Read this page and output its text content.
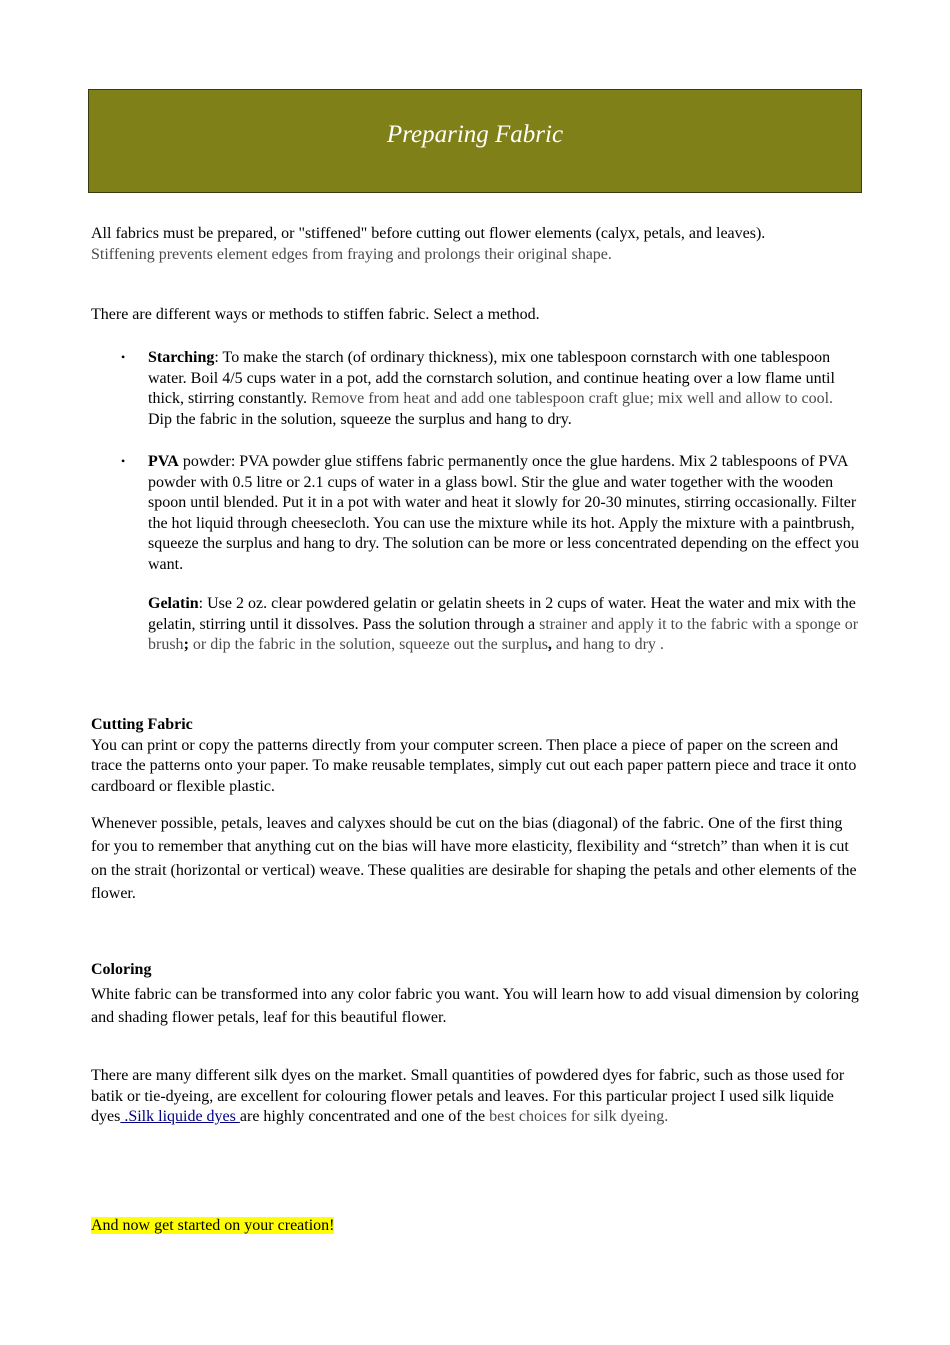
Preparing Fabric
All fabrics must be prepared, or "stiffened" before cutting out flower elements (calyx, petals, and leaves).
Stiffening prevents element edges from fraying and prolongs their original shape.
There are different ways or methods to stiffen fabric. Select a method.
• Starching: To make the starch (of ordinary thickness), mix one tablespoon cornstarch with one tablespoon water. Boil 4/5 cups water in a pot, add the cornstarch solution, and continue heating over a low flame until thick, stirring constantly. Remove from heat and add one tablespoon craft glue; mix well and allow to cool. Dip the fabric in the solution, squeeze the surplus and hang to dry.
• PVA powder: PVA powder glue stiffens fabric permanently once the glue hardens. Mix 2 tablespoons of PVA powder with 0.5 litre or 2.1 cups of water in a glass bowl. Stir the glue and water together with the wooden spoon until blended. Put it in a pot with water and heat it slowly for 20-30 minutes, stirring occasionally. Filter the hot liquid through cheesecloth. You can use the mixture while its hot. Apply the mixture with a paintbrush, squeeze the surplus and hang to dry. The solution can be more or less concentrated depending on the effect you want.
Gelatin: Use 2 oz. clear powdered gelatin or gelatin sheets in 2 cups of water. Heat the water and mix with the gelatin, stirring until it dissolves. Pass the solution through a strainer and apply it to the fabric with a sponge or brush; or dip the fabric in the solution, squeeze out the surplus, and hang to dry .
Cutting Fabric
You can print or copy the patterns directly from your computer screen. Then place a piece of paper on the screen and trace the patterns onto your paper. To make reusable templates, simply cut out each paper pattern piece and trace it onto cardboard or flexible plastic.
Whenever possible, petals, leaves and calyxes should be cut on the bias (diagonal) of the fabric. One of the first thing for you to remember that anything cut on the bias will have more elasticity, flexibility and “stretch” than when it is cut on the strait (horizontal or vertical) weave. These qualities are desirable for shaping the petals and other elements of the flower.
Coloring
White fabric can be transformed into any color fabric you want. You will learn how to add visual dimension by coloring and shading flower petals, leaf for this beautiful flower.
There are many different silk dyes on the market. Small quantities of powdered dyes for fabric, such as those used for batik or tie-dyeing, are excellent for colouring flower petals and leaves. For this particular project I used silk liquide dyes .Silk liquide dyes are highly concentrated and one of the best choices for silk dyeing.
And now get started on your creation!
